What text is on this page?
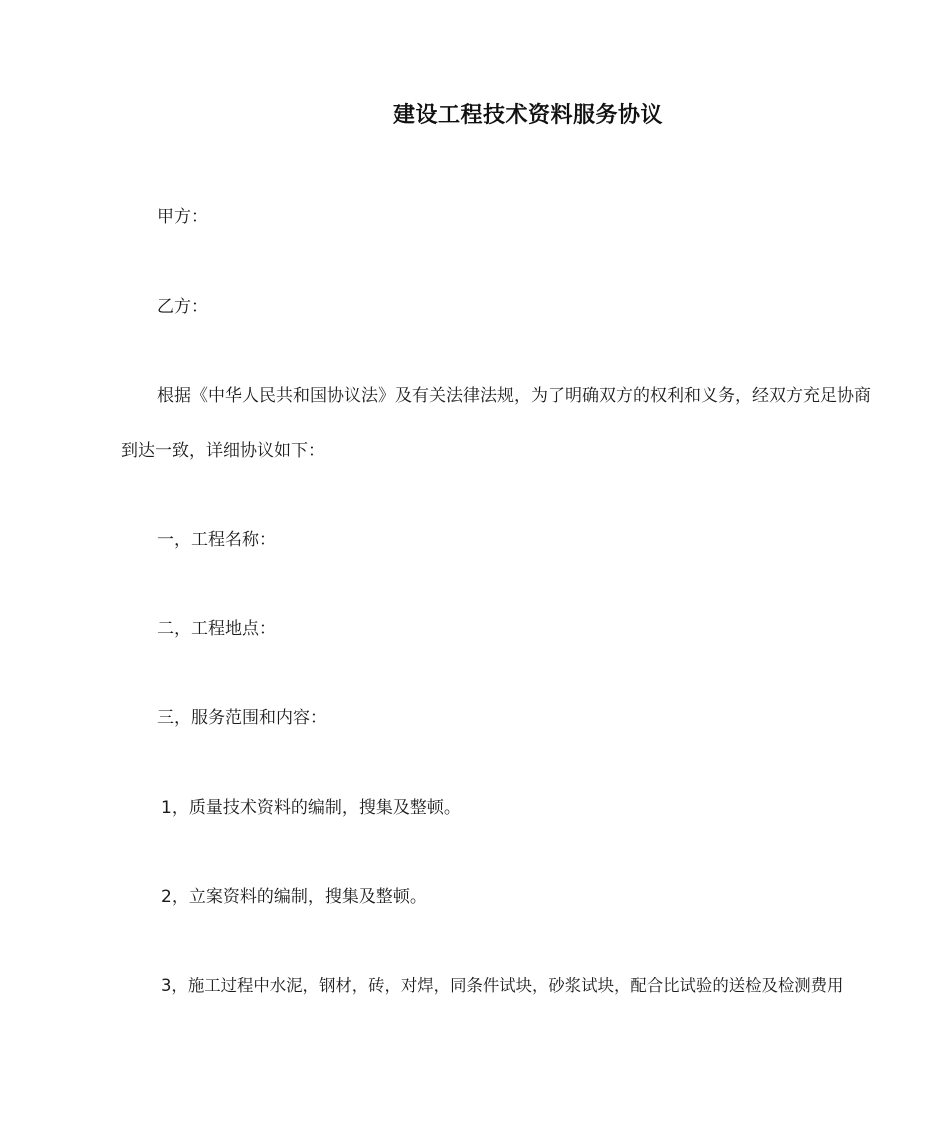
建设工程技术资料服务协议
甲方：
乙方：
根据《中华人民共和国协议法》及有关法律法规，为了明确双方的权利和义务，经双方充足协商
到达一致，详细协议如下：
一，工程名称：
二，工程地点：
三，服务范围和内容：
1，质量技术资料的编制，搜集及整顿。
2，立案资料的编制，搜集及整顿。
3，施工过程中水泥，钢材，砖，对焊，同条件试块，砂浆试块，配合比试验的送检及检测费用
